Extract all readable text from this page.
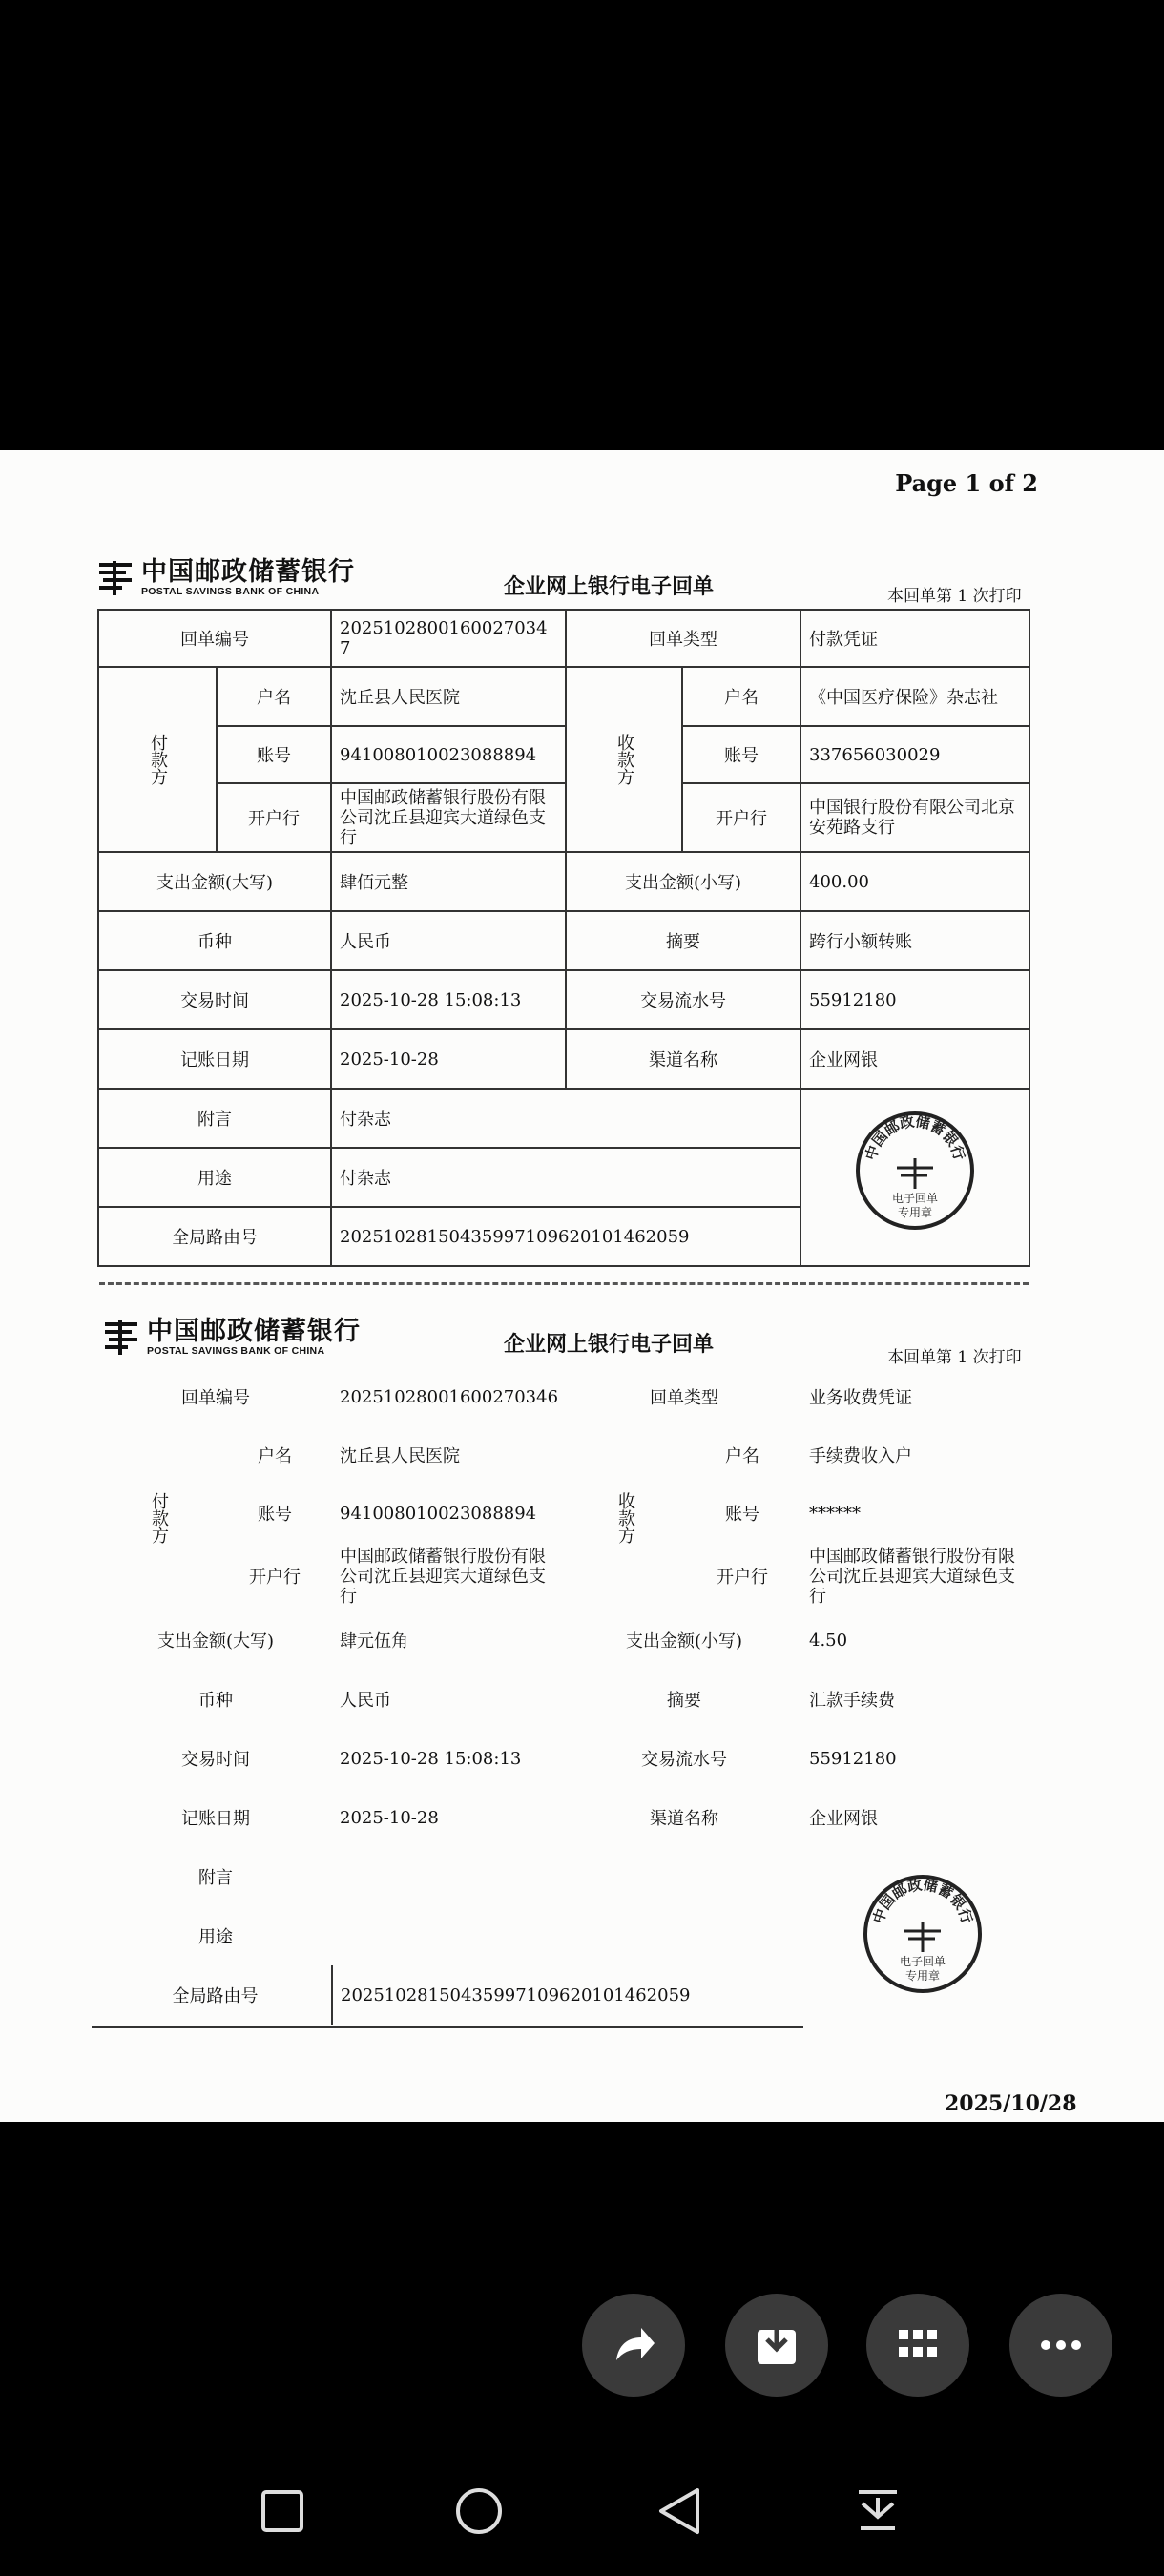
Page 1 of 2
中国邮政储蓄银行
POSTAL SAVINGS BANK OF CHINA	企业网上银行电子回单	本回单第 1 次打印
回单编号		2025102800160027034 7	回单类型		付款凭证
付款方	户名	沈丘县人民医院	收款方	户名	《中国医疗保险》杂志社
	账号	941008010023088894		账号	337656030029
	开户行	中国邮政储蓄银行股份有限公司沈丘县迎宾大道绿色支行		开户行	中国银行股份有限公司北京安苑路支行
支出金额(大写)		肆佰元整	支出金额(小写)		400.00
币种		人民币	摘要		跨行小额转账
交易时间		2025-10-28 15:08:13	交易流水号		55912180
记账日期		2025-10-28	渠道名称		企业网银
附言		付杂志			
用途		付杂志			
全局路由号		20251028150435997109620101462059			
中国邮政储蓄银行
电子回单
专用章
中国邮政储蓄银行
POSTAL SAVINGS BANK OF CHINA	企业网上银行电子回单
本回单第 1 次打印
回单编号		20251028001600270346	回单类型		业务收费凭证
付款方	户名	沈丘县人民医院	收款方	户名	手续费收入户
	账号	941008010023088894		账号	******
	开户行	中国邮政储蓄银行股份有限公司沈丘县迎宾大道绿色支行		开户行	中国邮政储蓄银行股份有限公司沈丘县迎宾大道绿色支行
支出金额(大写)		肆元伍角	支出金额(小写)		4.50
币种		人民币	摘要		汇款手续费
交易时间		2025-10-28 15:08:13	交易流水号		55912180
记账日期		2025-10-28	渠道名称		企业网银
附言					
用途					
全局路由号		20251028150435997109620101462059			
中国邮政储蓄银行
电子回单
专用章
2025/10/28
